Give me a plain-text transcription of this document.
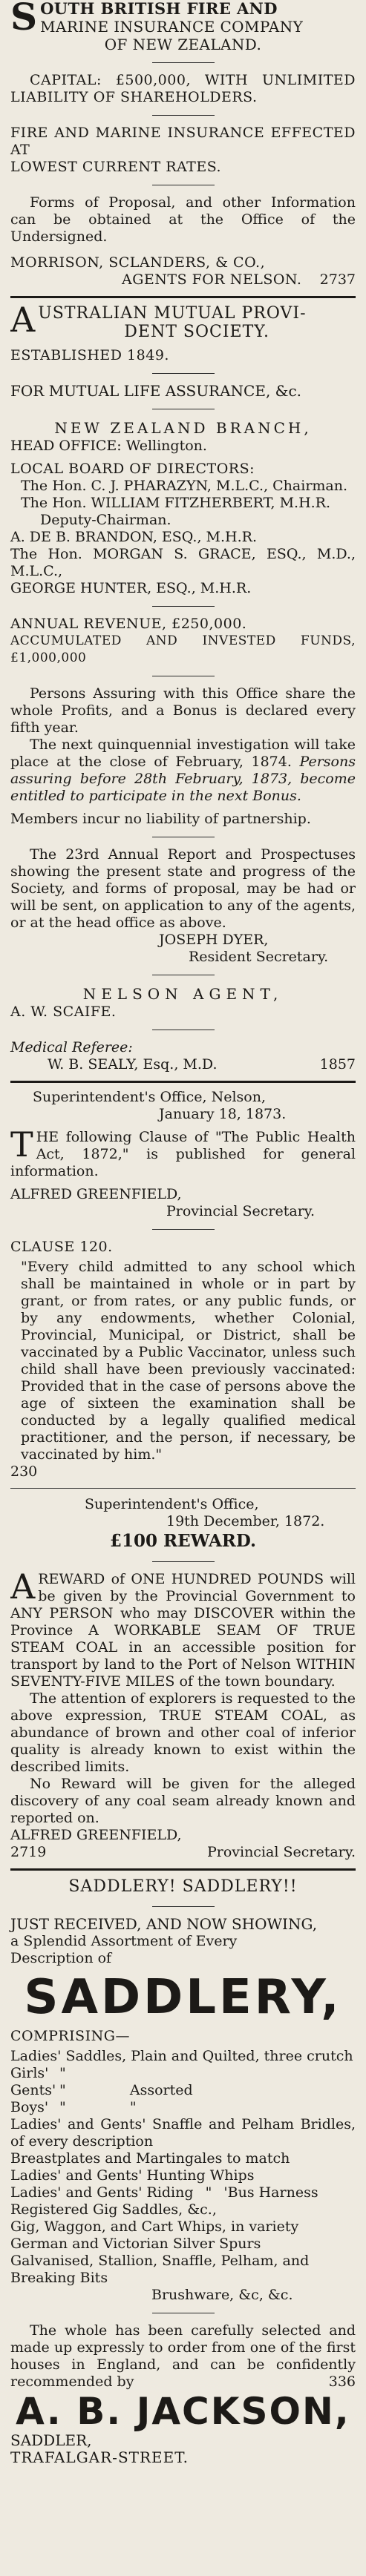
S OUTH BRITISH FIRE AND
MARINE INSURANCE COMPANY
OF NEW ZEALAND.

CAPITAL: £500,000, WITH UNLIMITED LIABILITY OF SHAREHOLDERS.

FIRE AND MARINE INSURANCE EFFECTED AT
LOWEST CURRENT RATES.

Forms of Proposal, and other Information can be obtained at the Office of the Undersigned.

MORRISON, SCLANDERS, & CO.,
AGENTS FOR NELSON. 2737
A USTRALIAN MUTUAL PROVI-
DENT SOCIETY.
ESTABLISHED 1849.
FOR MUTUAL LIFE ASSURANCE, &c.
NEW ZEALAND BRANCH,
HEAD OFFICE: Wellington.
LOCAL BOARD OF DIRECTORS:
The Hon. C. J. PHARAZYN, M.L.C., Chairman.
The Hon. WILLIAM FITZHERBERT, M.H.R.
Deputy-Chairman.
A. DE B. BRANDON, ESQ., M.H.R.
The Hon. MORGAN S. GRACE, ESQ., M.D., M.L.C.,
GEORGE HUNTER, ESQ., M.H.R.
ANNUAL REVENUE, £250,000.
ACCUMULATED AND INVESTED FUNDS, £1,000,000

Persons Assuring with this Office share the whole Profits, and a Bonus is declared every fifth year.

The next quinquennial investigation will take place at the close of February, 1874. Persons assuring before 28th February, 1873, become entitled to participate in the next Bonus.

Members incur no liability of partnership.

The 23rd Annual Report and Prospectuses showing the present state and progress of the Society, and forms of proposal, may be had or will be sent, on application to any of the agents, or at the head office as above.

JOSEPH DYER,
Resident Secretary.
NELSON AGENT,
A. W. SCAIFE.
Medical Referee:
W. B. SEALY, Esq., M.D.	1857
Superintendent's Office, Nelson,
January 18, 1873.
T HE following Clause of "The Public Health Act, 1872," is published for general information.

ALFRED GREENFIELD,
Provincial Secretary.
CLAUSE 120.

"Every child admitted to any school which shall be maintained in whole or in part by grant, or from rates, or any public funds, or by any endowments, whether Colonial, Provincial, Municipal, or District, shall be vaccinated by a Public Vaccinator, unless such child shall have been previously vaccinated: Provided that in the case of persons above the age of sixteen the examination shall be conducted by a legally qualified medical practitioner, and the person, if necessary, be vaccinated by him."

230
Superintendent's Office,
19th December, 1872.
£100 REWARD.
A REWARD of ONE HUNDRED POUNDS will be given by the Provincial Government to ANY PERSON who may DISCOVER within the Province A WORKABLE SEAM OF TRUE STEAM COAL in an accessible position for transport by land to the Port of Nelson WITHIN SEVENTY-FIVE MILES of the town boundary.

The attention of explorers is requested to the above expression, TRUE STEAM COAL, as abundance of brown and other coal of inferior quality is already known to exist within the described limits.

No Reward will be given for the alleged discovery of any coal seam already known and reported on.

ALFRED GREENFIELD,
2719	Provincial Secretary.
SADDLERY! SADDLERY!!
JUST RECEIVED, AND NOW SHOWING,
a Splendid Assortment of Every
Description of
SADDLERY,
COMPRISING—
Ladies' Saddles, Plain and Quilted, three crutch
Girls' "
Gents' "	Assorted
Boys' "	"
Ladies' and Gents' Snaffle and Pelham Bridles, of every description
Breastplates and Martingales to match
Ladies' and Gents' Hunting Whips
Ladies' and Gents' Riding " 'Bus Harness
Registered Gig Saddles, &c.,
Gig, Waggon, and Cart Whips, in variety
German and Victorian Silver Spurs
Galvanised, Stallion, Snaffle, Pelham, and Breaking Bits
Brushware, &c, &c.

The whole has been carefully selected and made up expressly to order from one of the first houses in England, and can be confidently recommended by	336

A. B. JACKSON,
SADDLER,
TRAFALGAR-STREET.
